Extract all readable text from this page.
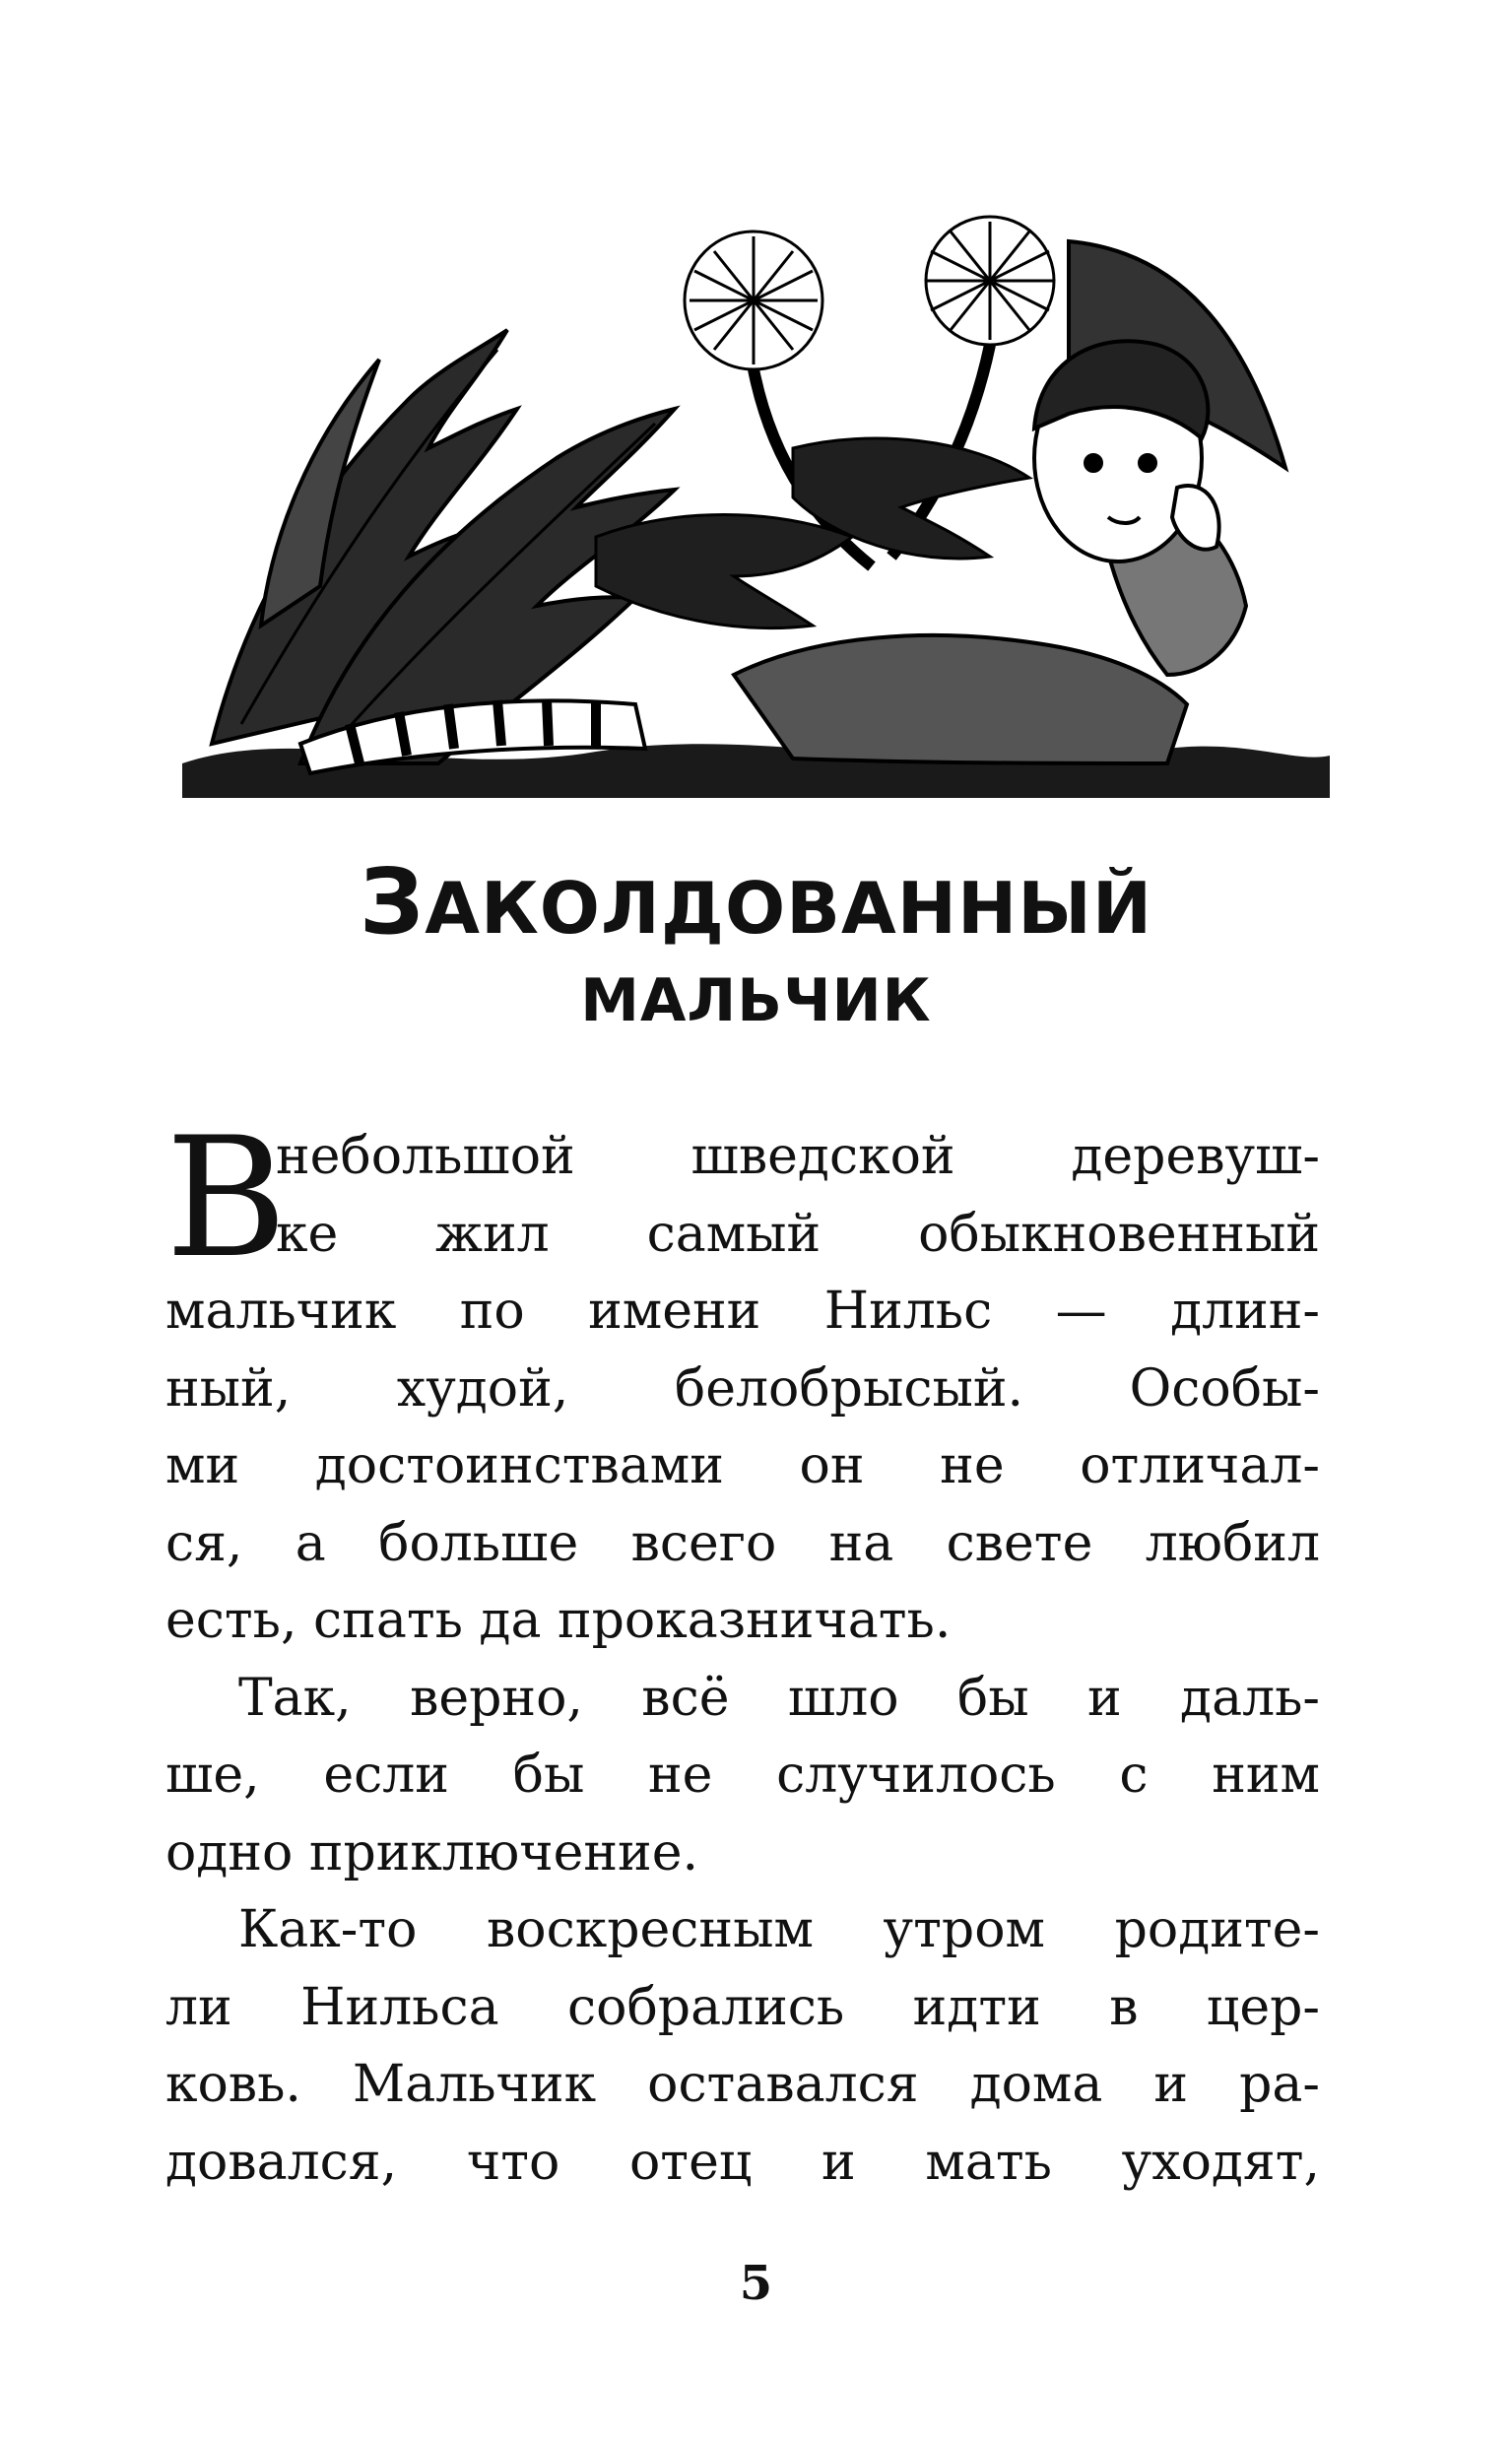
ЗАКОЛДОВАННЫЙ
МАЛЬЧИК
В
небольшой шведской деревуш-
ке жил самый обыкновенный
мальчик по имени Нильс — длин-
ный, худой, белобрысый. Особы-
ми достоинствами он не отличал-
ся, а больше всего на свете любил
есть, спать да проказничать.
Так, верно, всё шло бы и даль-
ше, если бы не случилось с ним
одно приключение.
Как-то воскресным утром родите-
ли Нильса собрались идти в цер-
ковь. Мальчик оставался дома и ра-
довался, что отец и мать уходят,
5
